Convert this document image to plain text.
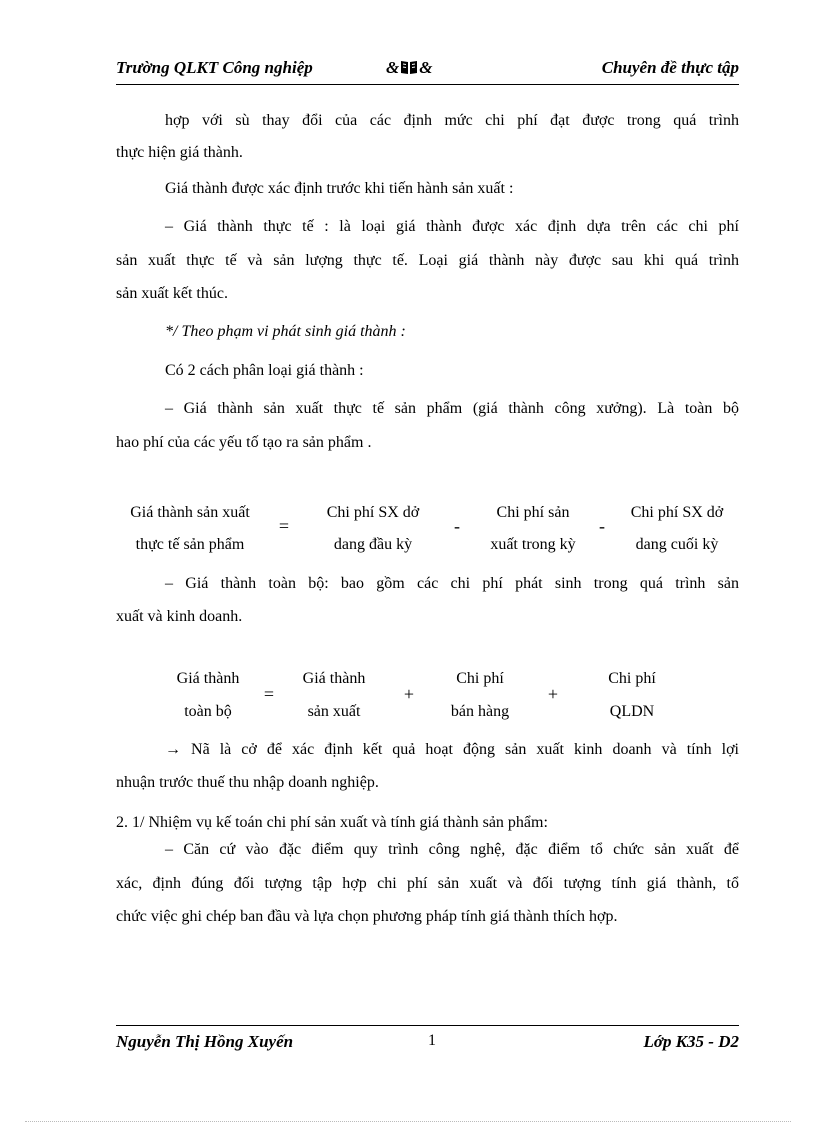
Trường QLKT Công nghiệp	& &	Chuyên đề thực tập
hợp với sù thay đổi của các định mức chi phí đạt được trong quá trình
thực hiện giá thành.
Giá thành được xác định trước khi tiến hành sản xuất :
– Giá thành thực tế : là loại giá thành được xác định dựa trên các chi phí
sản xuất thực tế và sản lượng thực tế. Loại giá thành này được sau khi quá trình
sản xuất kết thúc.
*/ Theo phạm vi phát sinh giá thành :
Có 2 cách phân loại giá thành :
– Giá thành sản xuất thực tế sản phẩm (giá thành công xưởng). Là toàn bộ
hao phí của các yếu tố tạo ra sản phẩm .
Giá thành sản xuất
thực tế sản phẩm
=
Chi phí SX dở
dang đầu kỳ
-
Chi phí sản
xuất trong kỳ
-
Chi phí SX dở
dang cuối kỳ
– Giá thành toàn bộ: bao gồm các chi phí phát sinh trong quá trình sản
xuất và kinh doanh.
Giá thành
toàn bộ
=
Giá thành
sản xuất
+
Chi phí
bán hàng
+
Chi phí
QLDN
→ Nã là cở để xác định kết quả hoạt động sản xuất kinh doanh và tính lợi
nhuận trước thuế thu nhập doanh nghiệp.
2. 1/ Nhiệm vụ kế toán chi phí sản xuất và tính giá thành sản phẩm:
– Căn cứ vào đặc điểm quy trình công nghệ, đặc điểm tổ chức sản xuất để
xác, định đúng đối tượng tập hợp chi phí sản xuất và đối tượng tính giá thành, tổ
chức việc ghi chép ban đầu và lựa chọn phương pháp tính giá thành thích hợp.
Nguyễn Thị Hồng Xuyến	1	Lớp K35 - D2
